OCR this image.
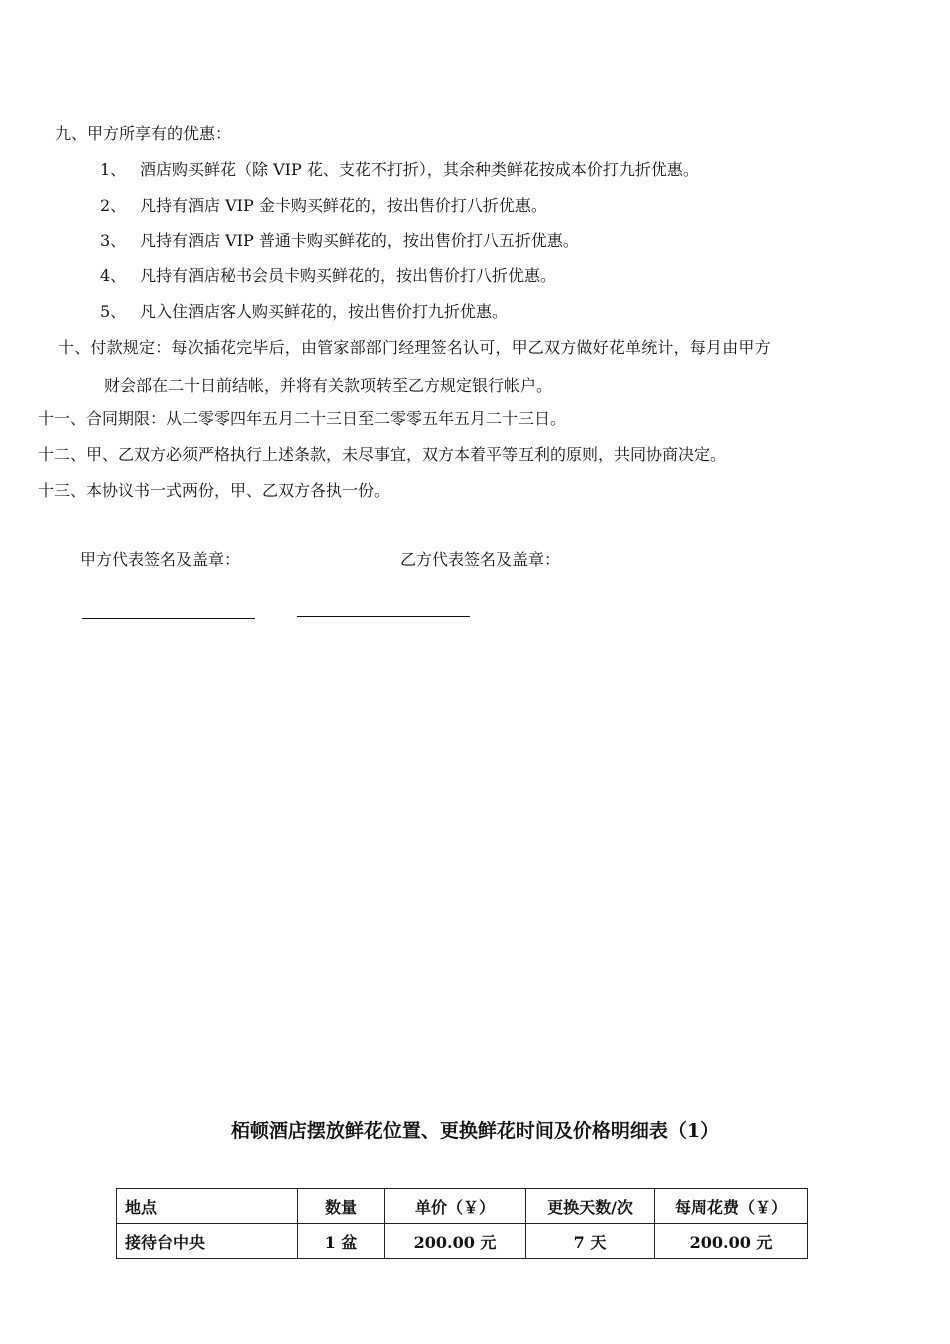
九、甲方所享有的优惠：
1、 酒店购买鲜花（除 VIP 花、支花不打折），其余种类鲜花按成本价打九折优惠。
2、 凡持有酒店 VIP 金卡购买鲜花的，按出售价打八折优惠。
3、 凡持有酒店 VIP 普通卡购买鲜花的，按出售价打八五折优惠。
4、 凡持有酒店秘书会员卡购买鲜花的，按出售价打八折优惠。
5、 凡入住酒店客人购买鲜花的，按出售价打九折优惠。
十、付款规定：每次插花完毕后，由管家部部门经理签名认可，甲乙双方做好花单统计，每月由甲方
财会部在二十日前结帐，并将有关款项转至乙方规定银行帐户。
十一、合同期限：从二零零四年五月二十三日至二零零五年五月二十三日。
十二、甲、乙双方必须严格执行上述条款，未尽事宜，双方本着平等互利的原则，共同协商决定。
十三、本协议书一式两份，甲、乙双方各执一份。
甲方代表签名及盖章：	乙方代表签名及盖章：
栢顿酒店摆放鲜花位置、更换鲜花时间及价格明细表（1）
地点	数量	单价（￥）	更换天数/次	每周花费（￥）
接待台中央	1 盆	200.00 元	7 天	200.00 元
